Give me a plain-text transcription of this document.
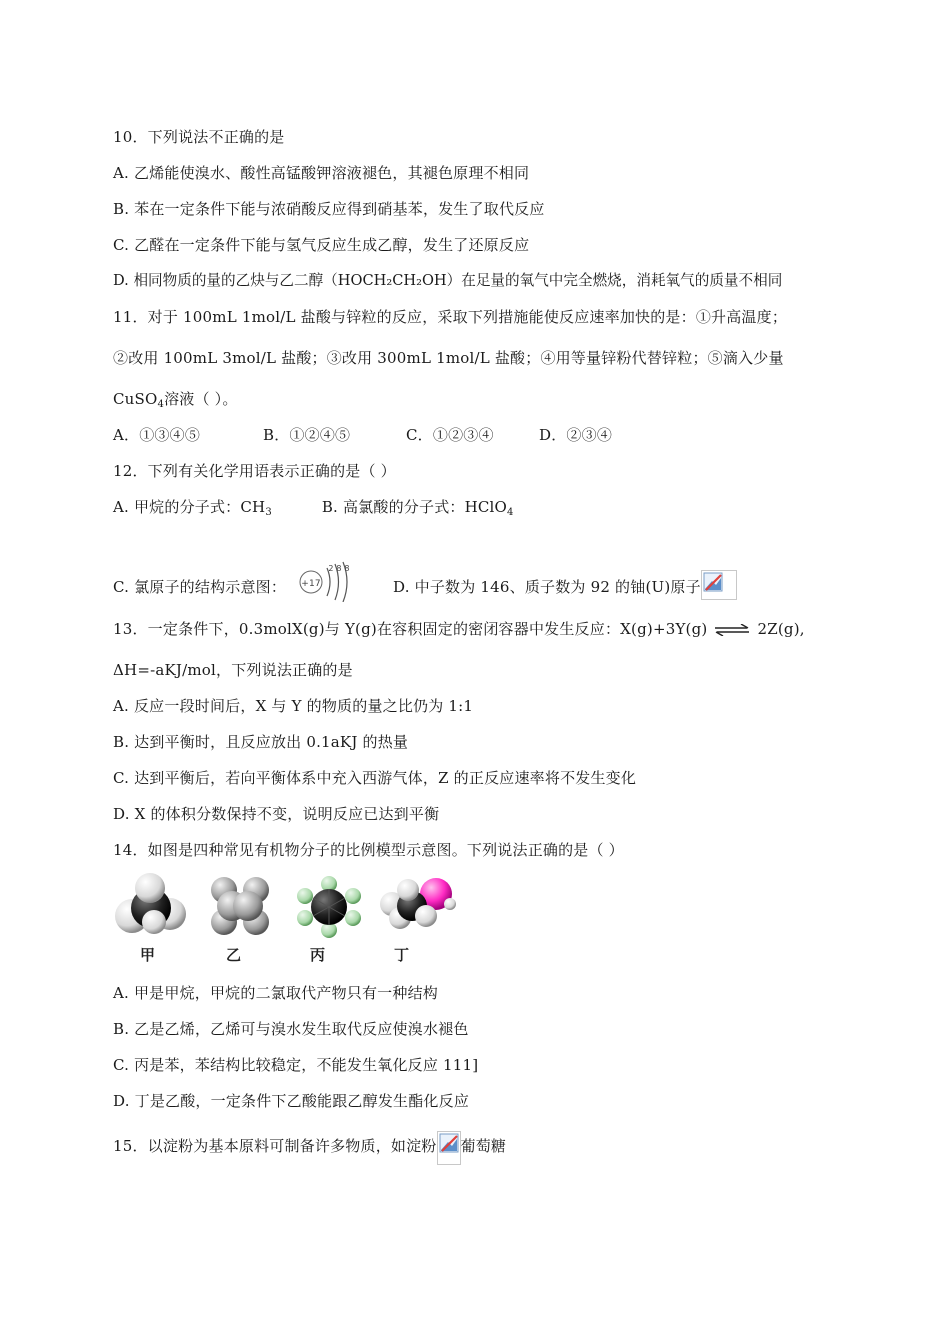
10．下列说法不正确的是
A. 乙烯能使溴水、酸性高锰酸钾溶液褪色，其褪色原理不相同
B. 苯在一定条件下能与浓硝酸反应得到硝基苯，发生了取代反应
C. 乙醛在一定条件下能与氢气反应生成乙醇，发生了还原反应
D. 相同物质的量的乙炔与乙二醇（HOCH₂CH₂OH）在足量的氧气中完全燃烧，消耗氧气的质量不相同
11．对于 100mL 1mol/L 盐酸与锌粒的反应，采取下列措施能使反应速率加快的是：①升高温度；
②改用 100mL 3mol/L 盐酸；③改用 300mL 1mol/L 盐酸；④用等量锌粉代替锌粒；⑤滴入少量
CuSO$_4$溶液（ ）。
A．①③④⑤	B．①②④⑤	C．①②③④	D．②③④
12．下列有关化学用语表示正确的是（ ）
A. 甲烷的分子式：$CH_3$	B. 高氯酸的分子式：HClO$_4$
C. 氯原子的结构示意图： +17
2 8 8
D. 中子数为 146、质子数为 92 的铀(U)原子
13．一定条件下，0.3molX(g)与 Y(g)在容积固定的密闭容器中发生反应：X(g)+3Y(g) ⇌ 2Z(g),
ΔH=-aKJ/mol，下列说法正确的是
A. 反应一段时间后，X 与 Y 的物质的量之比仍为 1:1
B. 达到平衡时，且反应放出 0.1aKJ 的热量
C. 达到平衡后，若向平衡体系中充入西游气体，Z 的正反应速率将不发生变化
D. X 的体积分数保持不变，说明反应已达到平衡
14．如图是四种常见有机物分子的比例模型示意图。下列说法正确的是（ ）
甲	乙	丙	丁
A. 甲是甲烷，甲烷的二氯取代产物只有一种结构
B. 乙是乙烯，乙烯可与溴水发生取代反应使溴水褪色
C. 丙是苯，苯结构比较稳定，不能发生氧化反应 111]
D. 丁是乙酸，一定条件下乙酸能跟乙醇发生酯化反应
15．以淀粉为基本原料可制备许多物质，如淀粉 葡萄糖
